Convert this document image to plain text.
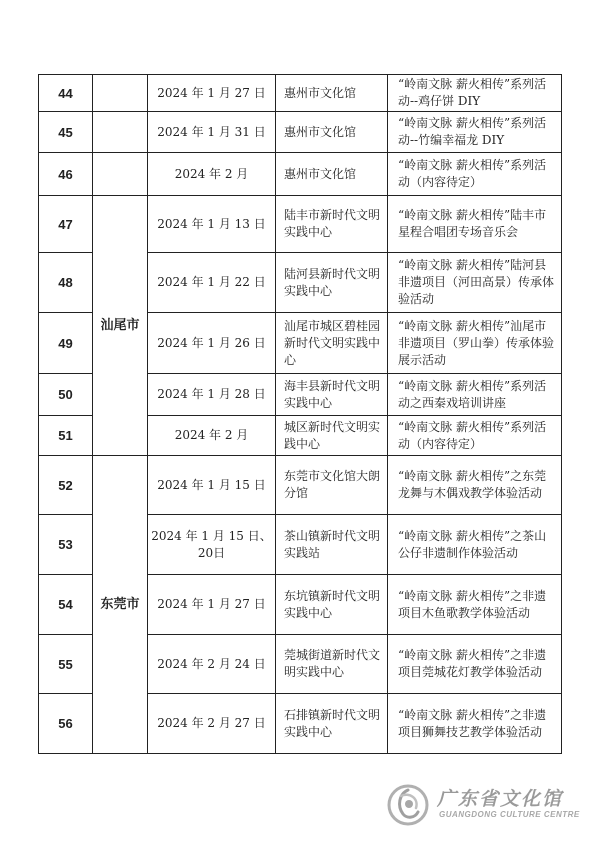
44		2024 年 1 月 27 日	惠州市文化馆	“岭南文脉 薪火相传”系列活动--鸡仔饼 DIY
45		2024 年 1 月 31 日	惠州市文化馆	“岭南文脉 薪火相传”系列活动--竹编幸福龙 DIY
46		2024 年 2 月	惠州市文化馆	“岭南文脉 薪火相传”系列活动（内容待定）
47	汕尾市	2024 年 1 月 13 日	陆丰市新时代文明实践中心	“岭南文脉 薪火相传”陆丰市星程合唱团专场音乐会
48		2024 年 1 月 22 日	陆河县新时代文明实践中心	“岭南文脉 薪火相传”陆河县非遗项目（河田高景）传承体验活动
49		2024 年 1 月 26 日	汕尾市城区碧桂园新时代文明实践中心	“岭南文脉 薪火相传”汕尾市非遗项目（罗山拳）传承体验展示活动
50		2024 年 1 月 28 日	海丰县新时代文明实践中心	“岭南文脉 薪火相传”系列活动之西秦戏培训讲座
51		2024 年 2 月	城区新时代文明实践中心	“岭南文脉 薪火相传”系列活动（内容待定）
52	东莞市	2024 年 1 月 15 日	东莞市文化馆大朗分馆	“岭南文脉 薪火相传”之东莞龙舞与木偶戏教学体验活动
53		2024 年 1 月 15 日、20日	茶山镇新时代文明实践站	“岭南文脉 薪火相传”之茶山公仔非遗制作体验活动
54		2024 年 1 月 27 日	东坑镇新时代文明实践中心	“岭南文脉 薪火相传”之非遗项目木鱼歌教学体验活动
55		2024 年 2 月 24 日	莞城街道新时代文明实践中心	“岭南文脉 薪火相传”之非遗项目莞城花灯教学体验活动
56		2024 年 2 月 27 日	石排镇新时代文明实践中心	“岭南文脉 薪火相传”之非遗项目狮舞技艺教学体验活动
广东省文化馆
GUANGDONG CULTURE CENTRE
